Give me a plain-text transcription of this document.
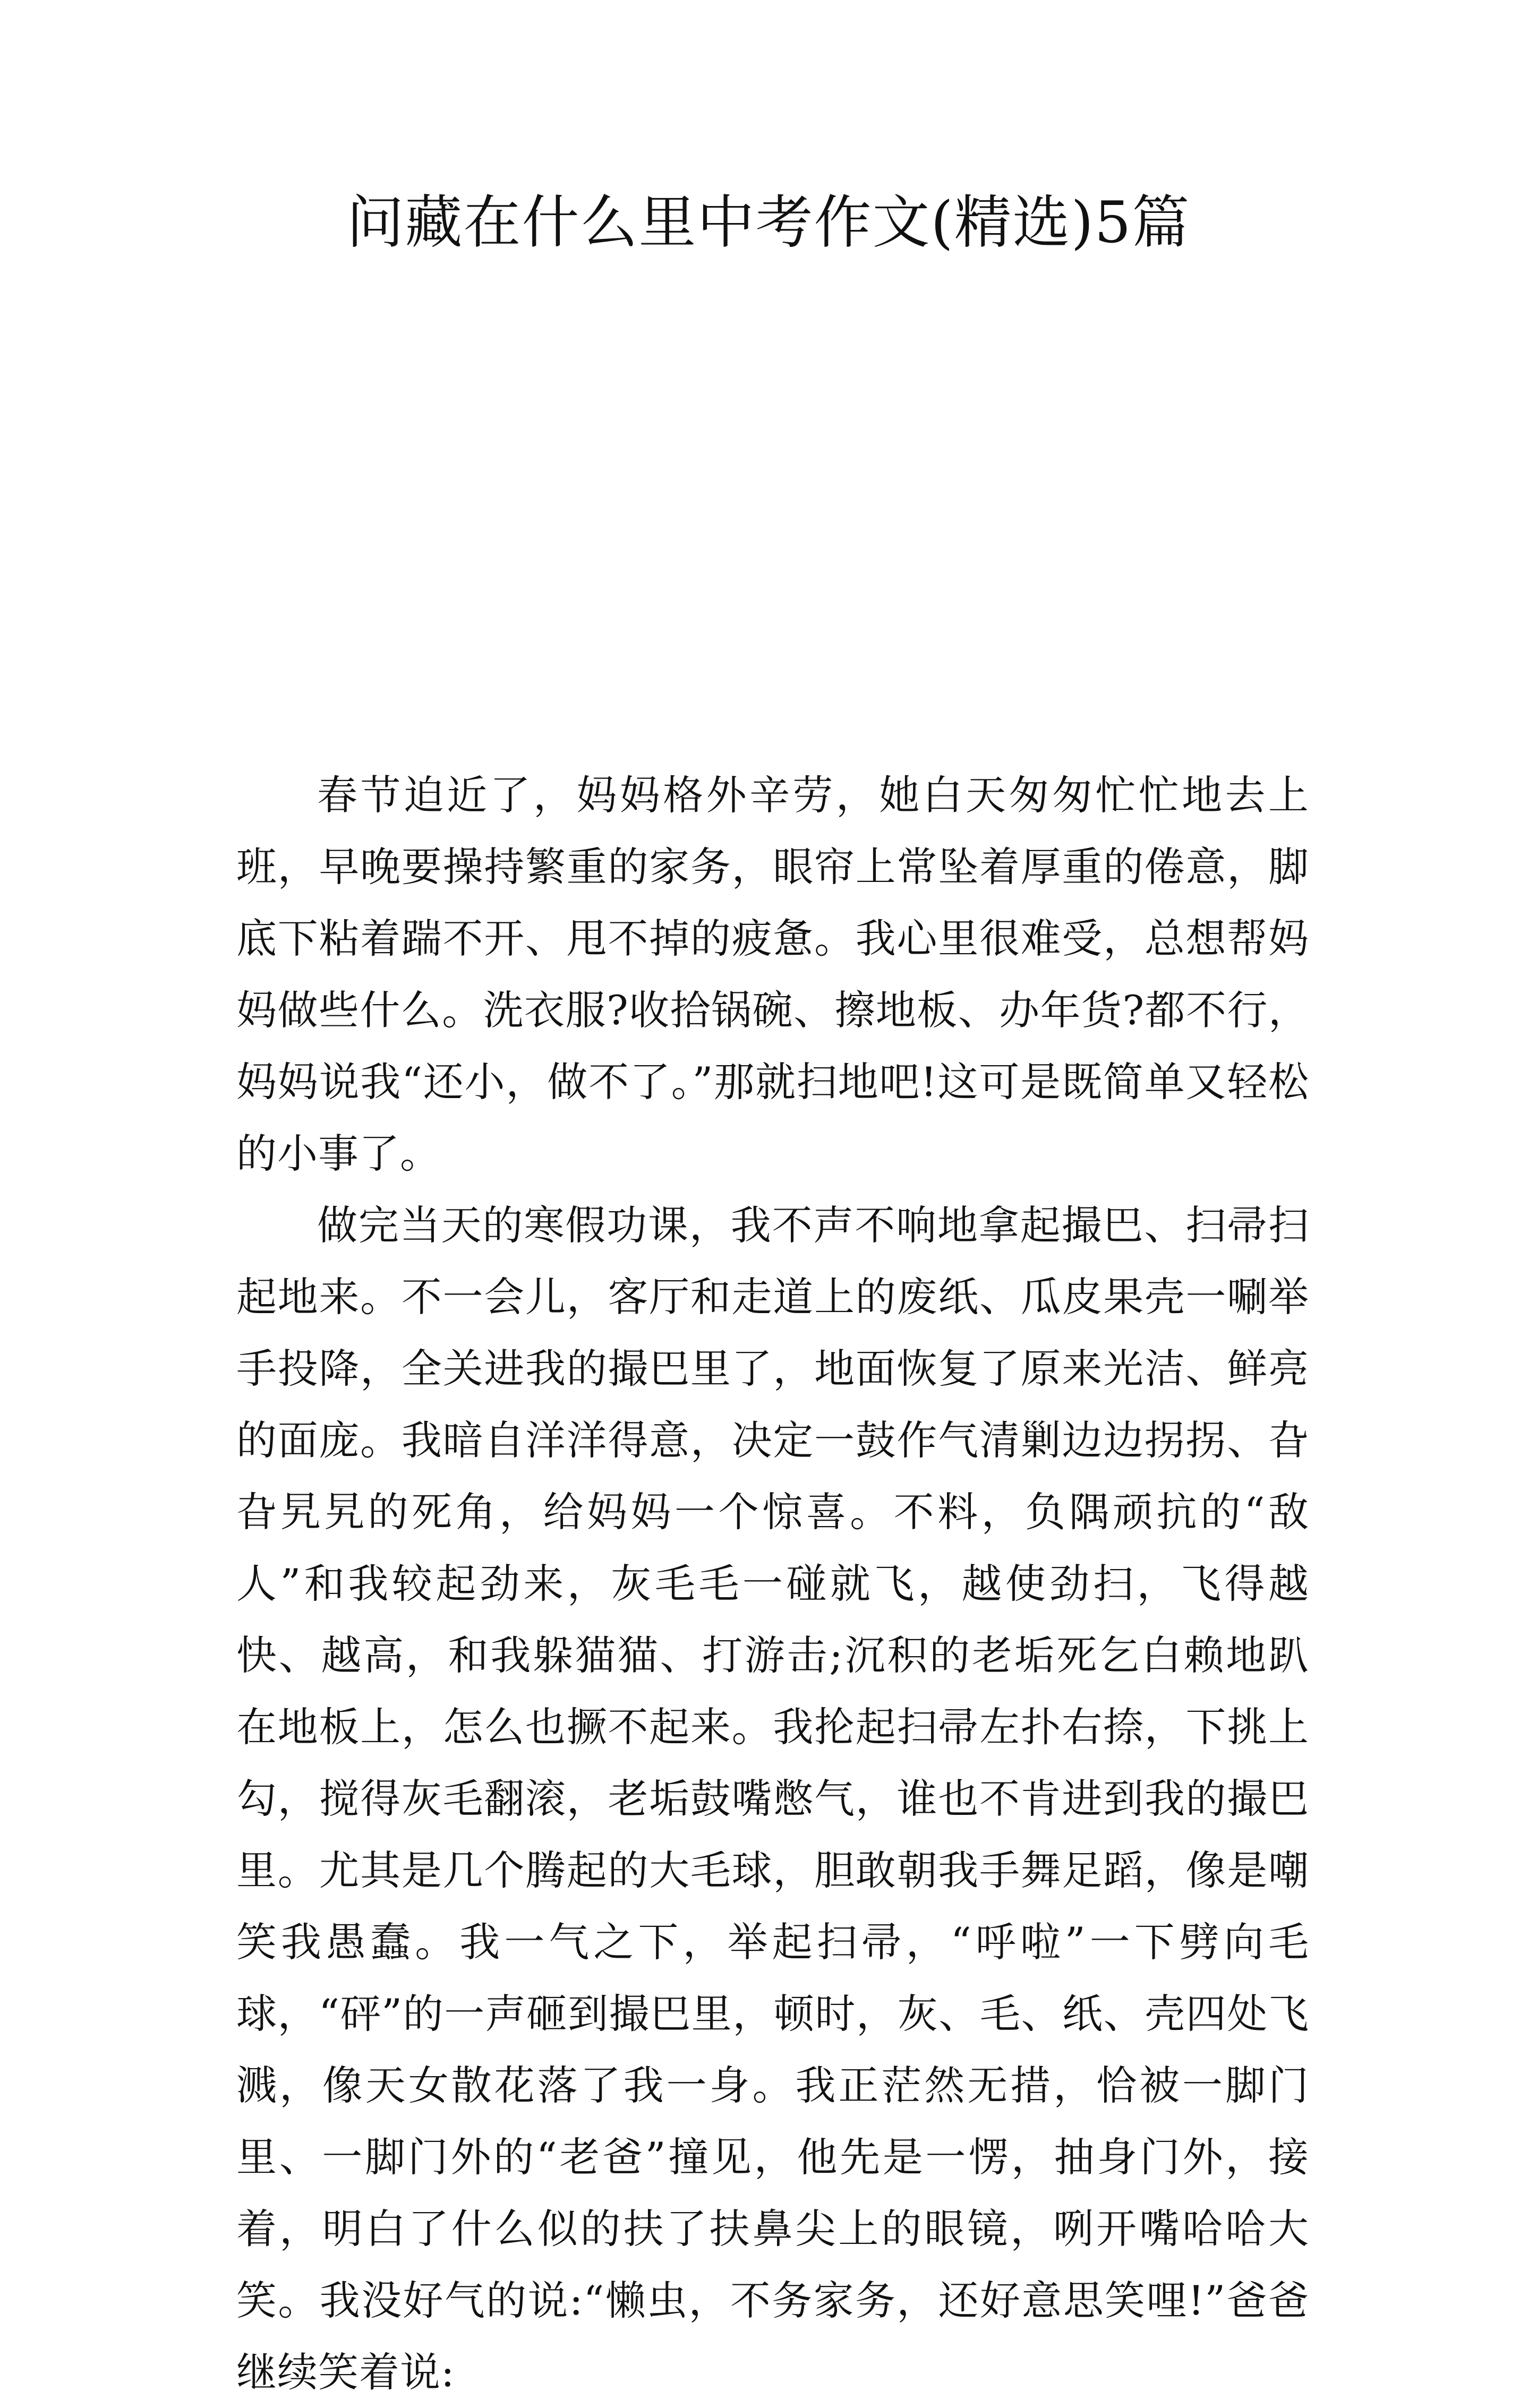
问藏在什么里中考作文(精选)5篇

春节迫近了，妈妈格外辛劳，她白天匆匆忙忙地去上班，早晚要操持繁重的家务，眼帘上常坠着厚重的倦意，脚底下粘着踹不开、甩不掉的疲惫。我心里很难受，总想帮妈妈做些什么。洗衣服?收拾锅碗、擦地板、办年货?都不行，妈妈说我“还小，做不了。”那就扫地吧!这可是既简单又轻松的小事了。

做完当天的寒假功课，我不声不响地拿起撮巴、扫帚扫起地来。不一会儿，客厅和走道上的废纸、瓜皮果壳一唰举手投降，全关进我的撮巴里了，地面恢复了原来光洁、鲜亮的面庞。我暗自洋洋得意，决定一鼓作气清剿边边拐拐、旮旮旯旯的死角，给妈妈一个惊喜。不料，负隅顽抗的“敌人”和我较起劲来，灰毛毛一碰就飞，越使劲扫，飞得越快、越高，和我躲猫猫、打游击;沉积的老垢死乞白赖地趴在地板上，怎么也撅不起来。我抡起扫帚左扑右捺，下挑上勾，搅得灰毛翻滚，老垢鼓嘴憋气，谁也不肯进到我的撮巴里。尤其是几个腾起的大毛球，胆敢朝我手舞足蹈，像是嘲笑我愚蠢。我一气之下，举起扫帚，“呼啦”一下劈向毛球，“砰”的一声砸到撮巴里，顿时，灰、毛、纸、壳四处飞溅，像天女散花落了我一身。我正茫然无措，恰被一脚门里、一脚门外的“老爸”撞见，他先是一愣，抽身门外，接着，明白了什么似的扶了扶鼻尖上的眼镜，咧开嘴哈哈大笑。我没好气的说:“懒虫，不务家务，还好意思笑哩!”爸爸继续笑着说:
